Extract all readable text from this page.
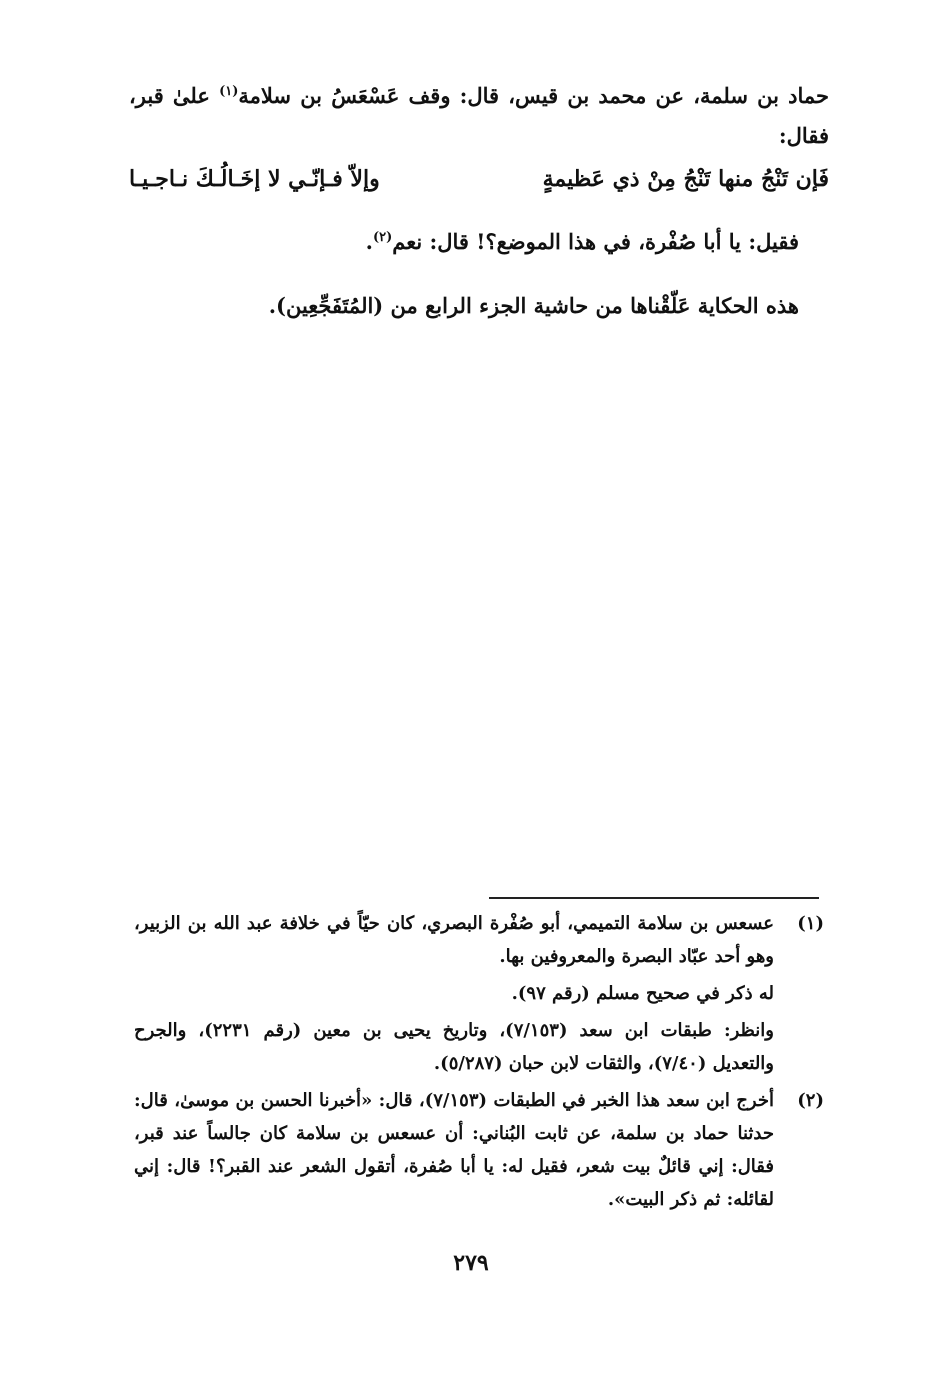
حماد بن سلمة، عن محمد بن قيس، قال: وقف عَسْعَسُ بن سلامة$^{(١)}$ علىٰ قبر، فقال:
فَإن تَنْجُ منها تَنْجُ مِنْ ذي عَظيمةٍ
وإلاّ فـإنّـي لا إخَـالُـكَ نـاجـيـا
فقيل: يا أبا صُفْرة، في هذا الموضع؟! قال: نعم$^{(٢)}$.
هذه الحكاية عَلّقْناها من حاشية الجزء الرابع من (المُتَفَجِّعِين).
(١)

عسعس بن سلامة التميمي، أبو صُفْرة البصري، كان حيّاً في خلافة عبد الله بن الزبير، وهو أحد عبّاد البصرة والمعروفين بها.

له ذكر في صحيح مسلم (رقم ٩٧).

وانظر: طبقات ابن سعد (٧/١٥٣)، وتاريخ يحيى بن معين (رقم ٢٢٣١)، والجرح والتعديل (٧/٤٠)، والثقات لابن حبان (٥/٢٨٧).

(٢)

أخرج ابن سعد هذا الخبر في الطبقات (٧/١٥٣)، قال: «أخبرنا الحسن بن موسىٰ، قال: حدثنا حماد بن سلمة، عن ثابت البُناني: أن عسعس بن سلامة كان جالساً عند قبر، فقال: إني قائلٌ بيت شعر، فقيل له: يا أبا صُفرة، أتقول الشعر عند القبر؟! قال: إني لقائله: ثم ذكر البيت».

٢٧٩
